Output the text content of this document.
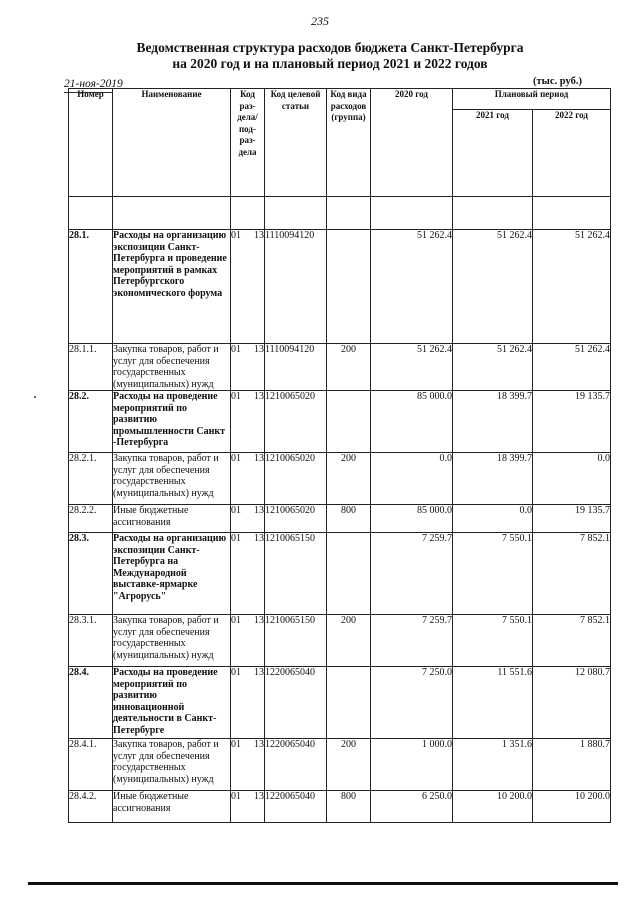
235
Ведомственная структура расходов бюджета Санкт-Петербурга
на 2020 год и на плановый период 2021 и 2022 годов
21-ноя-2019	(тыс. руб.)
Номер	Наименование	Код раз-дела/ под-раз-дела	Код целевой статьи	Код вида расходов (группа)	2020 год	Плановый период	
						2021 год	2022 год

28.1.	Расходы на организацию экспозиции Санкт-Петербурга и проведение мероприятий в рамках Петербургского экономического форума	01 13	1110094120		51 262.4	51 262.4	51 262.4
28.1.1.	Закупка товаров, работ и услуг для обеспечения государственных (муниципальных) нужд	01 13	1110094120	200	51 262.4	51 262.4	51 262.4
28.2.	Расходы на проведение мероприятий по развитию промышленности Санкт -Петербурга	01 13	1210065020		85 000.0	18 399.7	19 135.7
28.2.1.	Закупка товаров, работ и услуг для обеспечения государственных (муниципальных) нужд	01 13	1210065020	200	0.0	18 399.7	0.0
28.2.2.	Иные бюджетные ассигнования	01 13	1210065020	800	85 000.0	0.0	19 135.7
28.3.	Расходы на организацию экспозиции Санкт-Петербурга на Международной выставке-ярмарке "Агрорусь"	01 13	1210065150		7 259.7	7 550.1	7 852.1
28.3.1.	Закупка товаров, работ и услуг для обеспечения государственных (муниципальных) нужд	01 13	1210065150	200	7 259.7	7 550.1	7 852.1
28.4.	Расходы на проведение мероприятий по развитию инновационной деятельности в Санкт-Петербурге	01 13	1220065040		7 250.0	11 551.6	12 080.7
28.4.1.	Закупка товаров, работ и услуг для обеспечения государственных (муниципальных) нужд	01 13	1220065040	200	1 000.0	1 351.6	1 880.7
28.4.2.	Иные бюджетные ассигнования	01 13	1220065040	800	6 250.0	10 200.0	10 200.0
